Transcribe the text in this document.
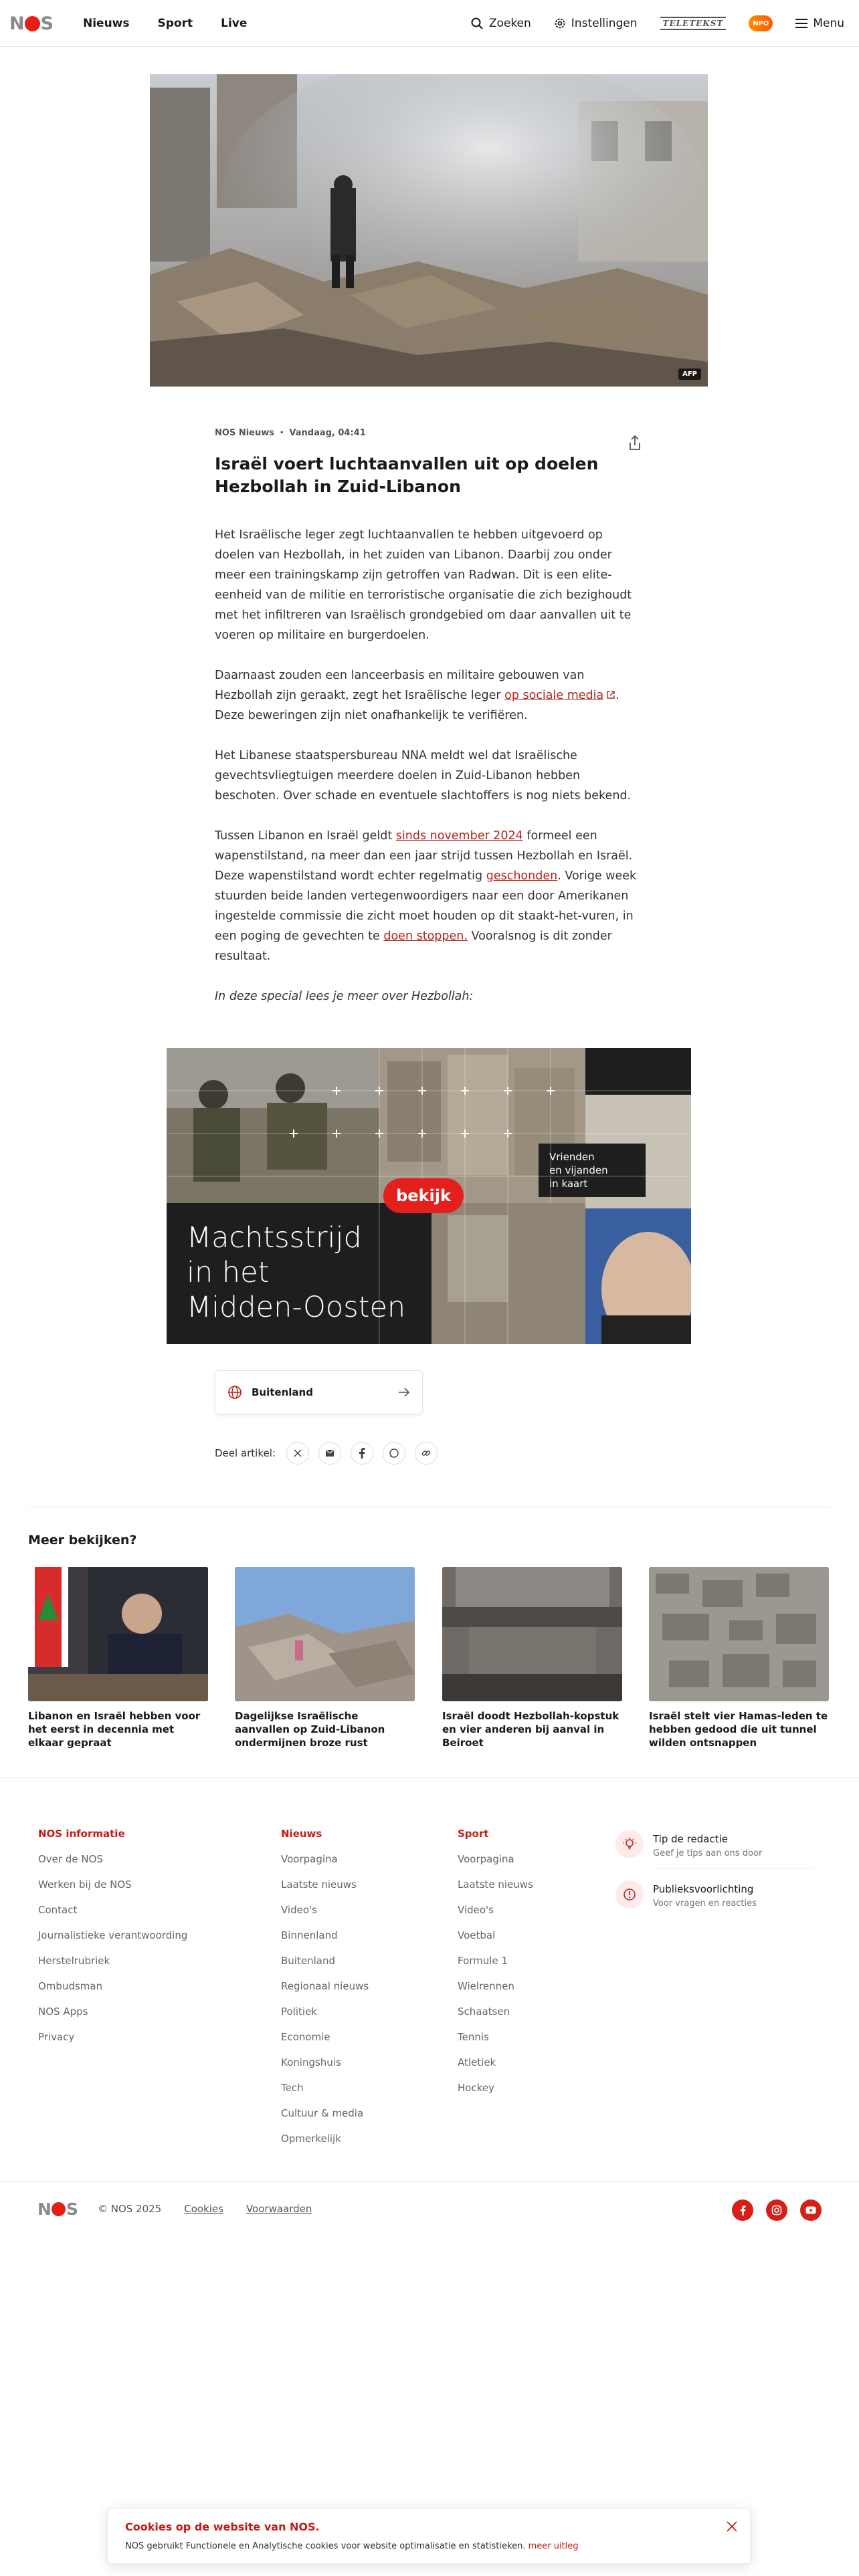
N S	Nieuws Sport Live	Zoeken	Instellingen	TELETEKST	NPO	Menu
AFP
NOS Nieuws • Vandaag, 04:41
Israël voert luchtaanvallen uit op doelen Hezbollah in Zuid-Libanon

Het Israëlische leger zegt luchtaanvallen te hebben uitgevoerd op doelen van Hezbollah, in het zuiden van Libanon. Daarbij zou onder meer een trainingskamp zijn getroffen van Radwan. Dit is een elite-eenheid van de militie en terroristische organisatie die zich bezighoudt met het infiltreren van Israëlisch grondgebied om daar aanvallen uit te voeren op militaire en burgerdoelen.

Daarnaast zouden een lanceerbasis en militaire gebouwen van Hezbollah zijn geraakt, zegt het Israëlische leger op sociale media . Deze beweringen zijn niet onafhankelijk te verifiëren.

Het Libanese staatspersbureau NNA meldt wel dat Israëlische gevechtsvliegtuigen meerdere doelen in Zuid-Libanon hebben beschoten. Over schade en eventuele slachtoffers is nog niets bekend.

Tussen Libanon en Israël geldt sinds november 2024 formeel een wapenstilstand, na meer dan een jaar strijd tussen Hezbollah en Israël. Deze wapenstilstand wordt echter regelmatig geschonden. Vorige week stuurden beide landen vertegenwoordigers naar een door Amerikanen ingestelde commissie die zicht moet houden op dit staakt-het-vuren, in een poging de gevechten te doen stoppen. Vooralsnog is dit zonder resultaat.

In deze special lees je meer over Hezbollah:

Machtsstrijd
in het
Midden-Oosten
bekijk
Vrienden
en vijanden
in kaart
Buitenland
Deel artikel:
Meer bekijken?
Libanon en Israël hebben voor het eerst in decennia met elkaar gepraat
Dagelijkse Israëlische aanvallen op Zuid-Libanon ondermijnen broze rust
Israël doodt Hezbollah-kopstuk en vier anderen bij aanval in Beiroet
Israël stelt vier Hamas-leden te hebben gedood die uit tunnel wilden ontsnappen
NOS informatie
Over de NOS
Werken bij de NOS
Contact
Journalistieke verantwoording
Herstelrubriek
Ombudsman
NOS Apps
Privacy
Nieuws
Voorpagina
Laatste nieuws
Video's
Binnenland
Buitenland
Regionaal nieuws
Politiek
Economie
Koningshuis
Tech
Cultuur & media
Opmerkelijk
Sport
Voorpagina
Laatste nieuws
Video's
Voetbal
Formule 1
Wielrennen
Schaatsen
Tennis
Atletiek
Hockey
Tip de redactie
Geef je tips aan ons door
Publieksvoorlichting
Voor vragen en reacties
N S © NOS 2025 Cookies Voorwaarden
Cookies op de website van NOS.
NOS gebruikt Functionele en Analytische cookies voor website optimalisatie en statistieken. meer uitleg
